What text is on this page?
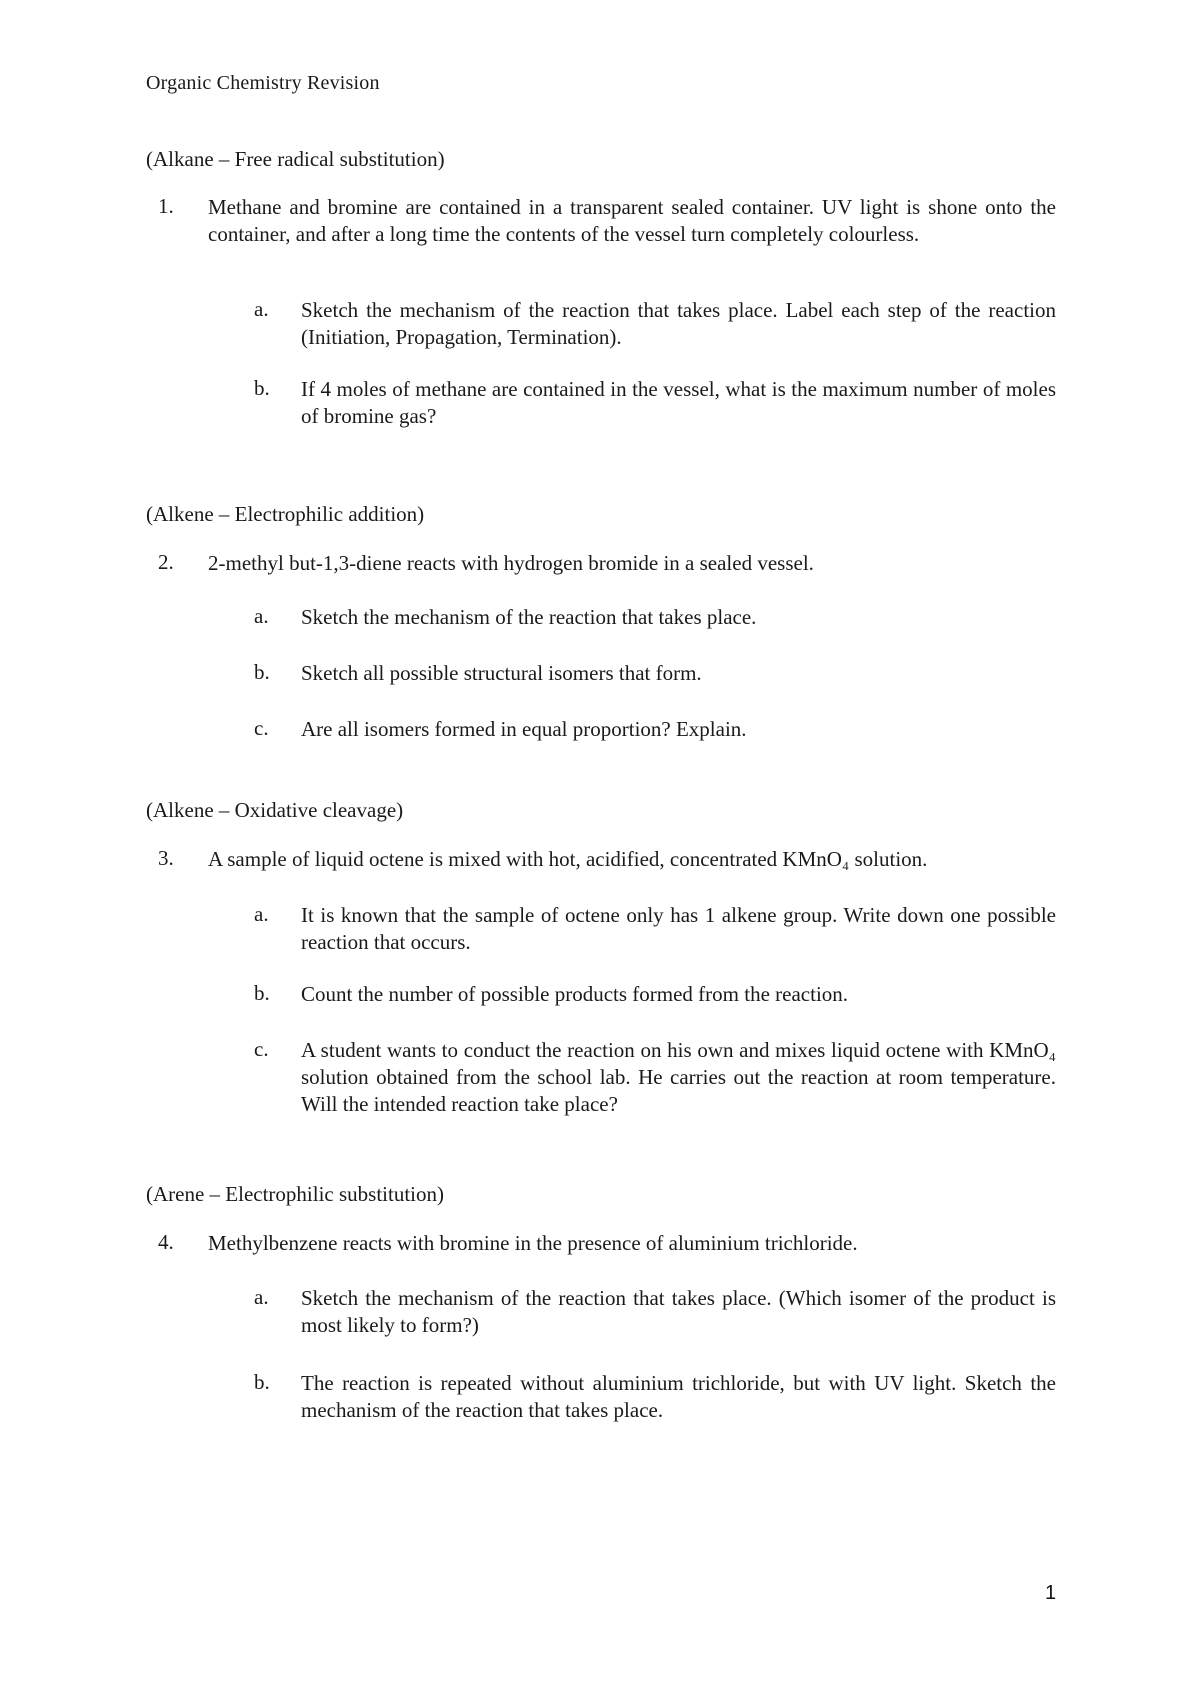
Organic Chemistry Revision
(Alkane – Free radical substitution)
1. Methane and bromine are contained in a transparent sealed container. UV light is shone onto the container, and after a long time the contents of the vessel turn completely colourless.
a. Sketch the mechanism of the reaction that takes place. Label each step of the reaction (Initiation, Propagation, Termination).
b. If 4 moles of methane are contained in the vessel, what is the maximum number of moles of bromine gas?
(Alkene – Electrophilic addition)
2. 2-methyl but-1,3-diene reacts with hydrogen bromide in a sealed vessel.
a. Sketch the mechanism of the reaction that takes place.
b. Sketch all possible structural isomers that form.
c. Are all isomers formed in equal proportion? Explain.
(Alkene – Oxidative cleavage)
3. A sample of liquid octene is mixed with hot, acidified, concentrated KMnO₄ solution.
a. It is known that the sample of octene only has 1 alkene group. Write down one possible reaction that occurs.
b. Count the number of possible products formed from the reaction.
c. A student wants to conduct the reaction on his own and mixes liquid octene with KMnO₄ solution obtained from the school lab. He carries out the reaction at room temperature. Will the intended reaction take place?
(Arene – Electrophilic substitution)
4. Methylbenzene reacts with bromine in the presence of aluminium trichloride.
a. Sketch the mechanism of the reaction that takes place. (Which isomer of the product is most likely to form?)
b. The reaction is repeated without aluminium trichloride, but with UV light. Sketch the mechanism of the reaction that takes place.
1
